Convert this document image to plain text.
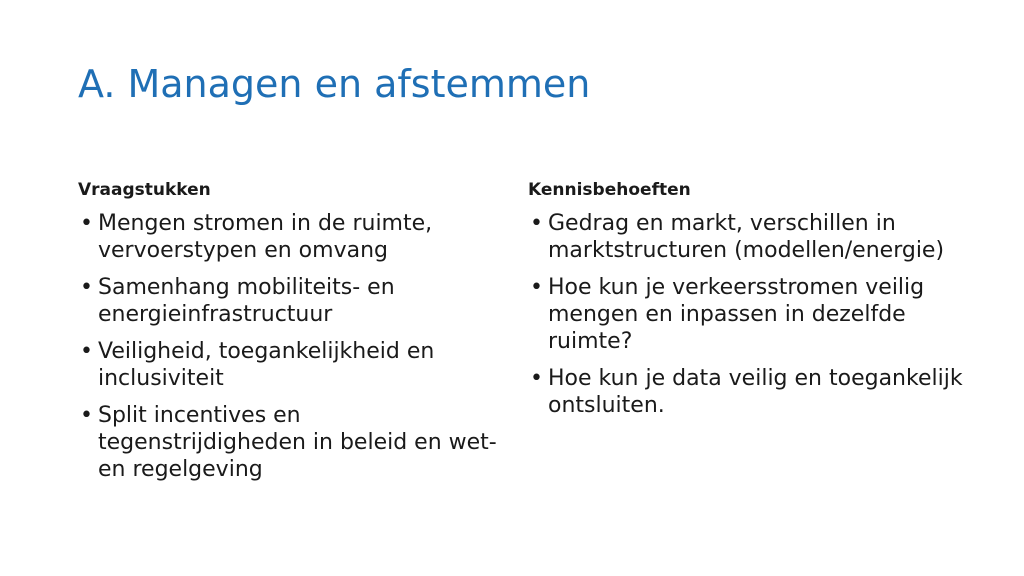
A. Managen en afstemmen
Vraagstukken
• Mengen stromen in de ruimte, vervoerstypen en omvang
• Samenhang mobiliteits- en energieinfrastructuur
• Veiligheid, toegankelijkheid en inclusiviteit
• Split incentives en tegenstrijdigheden in beleid en wet- en regelgeving
Kennisbehoeften
• Gedrag en markt, verschillen in marktstructuren (modellen/energie)
• Hoe kun je verkeersstromen veilig mengen en inpassen in dezelfde ruimte?
• Hoe kun je data veilig en toegankelijk ontsluiten.
